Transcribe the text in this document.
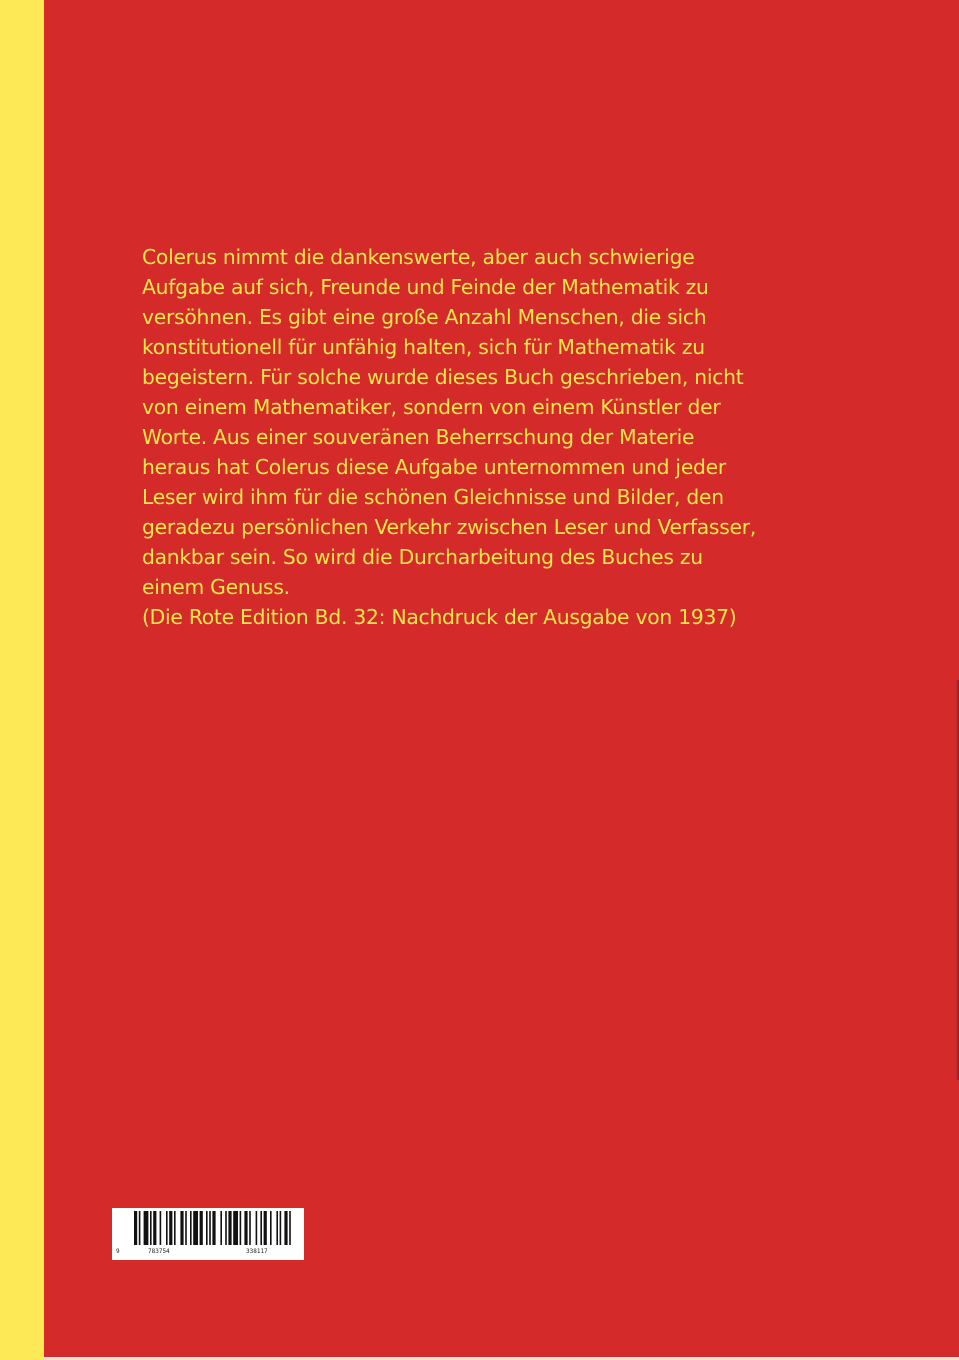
Colerus nimmt die dankenswerte, aber auch schwierige
Aufgabe auf sich, Freunde und Feinde der Mathematik zu
versöhnen. Es gibt eine große Anzahl Menschen, die sich
konstitutionell für unfähig halten, sich für Mathematik zu
begeistern. Für solche wurde dieses Buch geschrieben, nicht
von einem Mathematiker, sondern von einem Künstler der
Worte. Aus einer souveränen Beherrschung der Materie
heraus hat Colerus diese Aufgabe unternommen und jeder
Leser wird ihm für die schönen Gleichnisse und Bilder, den
geradezu persönlichen Verkehr zwischen Leser und Verfasser,
dankbar sein. So wird die Durcharbeitung des Buches zu
einem Genuss.
(Die Rote Edition Bd. 32: Nachdruck der Ausgabe von 1937)
9	783754	338117
